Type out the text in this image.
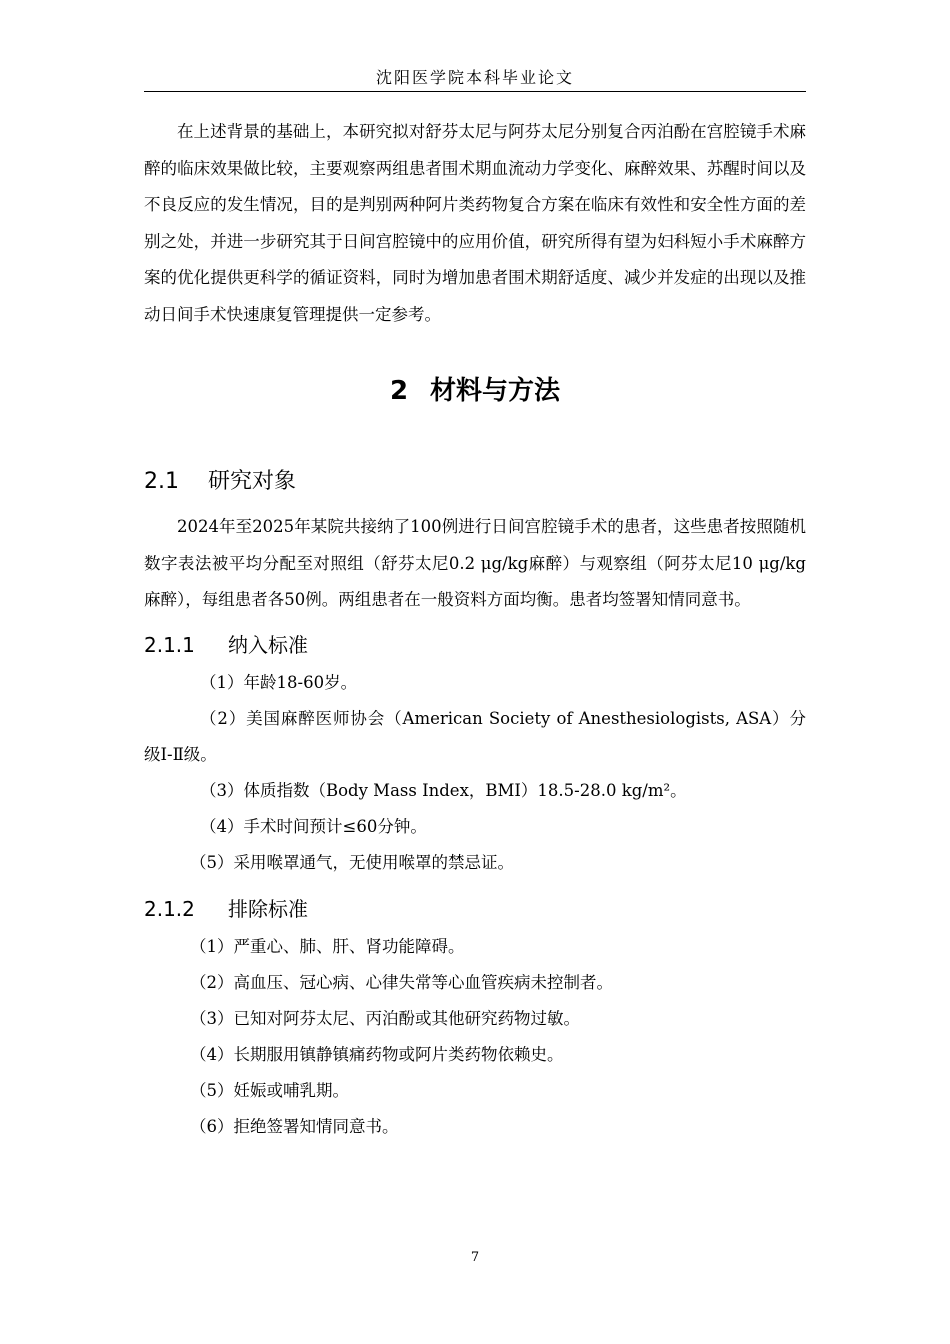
沈阳医学院本科毕业论文

在上述背景的基础上，本研究拟对舒芬太尼与阿芬太尼分别复合丙泊酚在宫腔镜手术麻醉的临床效果做比较，主要观察两组患者围术期血流动力学变化、麻醉效果、苏醒时间以及不良反应的发生情况，目的是判别两种阿片类药物复合方案在临床有效性和安全性方面的差别之处，并进一步研究其于日间宫腔镜中的应用价值，研究所得有望为妇科短小手术麻醉方案的优化提供更科学的循证资料，同时为增加患者围术期舒适度、减少并发症的出现以及推动日间手术快速康复管理提供一定参考。

2 材料与方法
2.1 研究对象

2024年至2025年某院共接纳了100例进行日间宫腔镜手术的患者，这些患者按照随机数字表法被平均分配至对照组（舒芬太尼0.2 μg/kg麻醉）与观察组（阿芬太尼10 μg/kg麻醉），每组患者各50例。两组患者在一般资料方面均衡。患者均签署知情同意书。

2.1.1 纳入标准
（1）年龄18-60岁。
（2）美国麻醉医师协会（American Society of Anesthesiologists, ASA）分级Ⅰ-Ⅱ级。
（3）体质指数（Body Mass Index，BMI）18.5-28.0 kg/m²。
（4）手术时间预计≤60分钟。
（5）采用喉罩通气，无使用喉罩的禁忌证。
2.1.2 排除标准
（1）严重心、肺、肝、肾功能障碍。
（2）高血压、冠心病、心律失常等心血管疾病未控制者。
（3）已知对阿芬太尼、丙泊酚或其他研究药物过敏。
（4）长期服用镇静镇痛药物或阿片类药物依赖史。
（5）妊娠或哺乳期。
（6）拒绝签署知情同意书。
7
